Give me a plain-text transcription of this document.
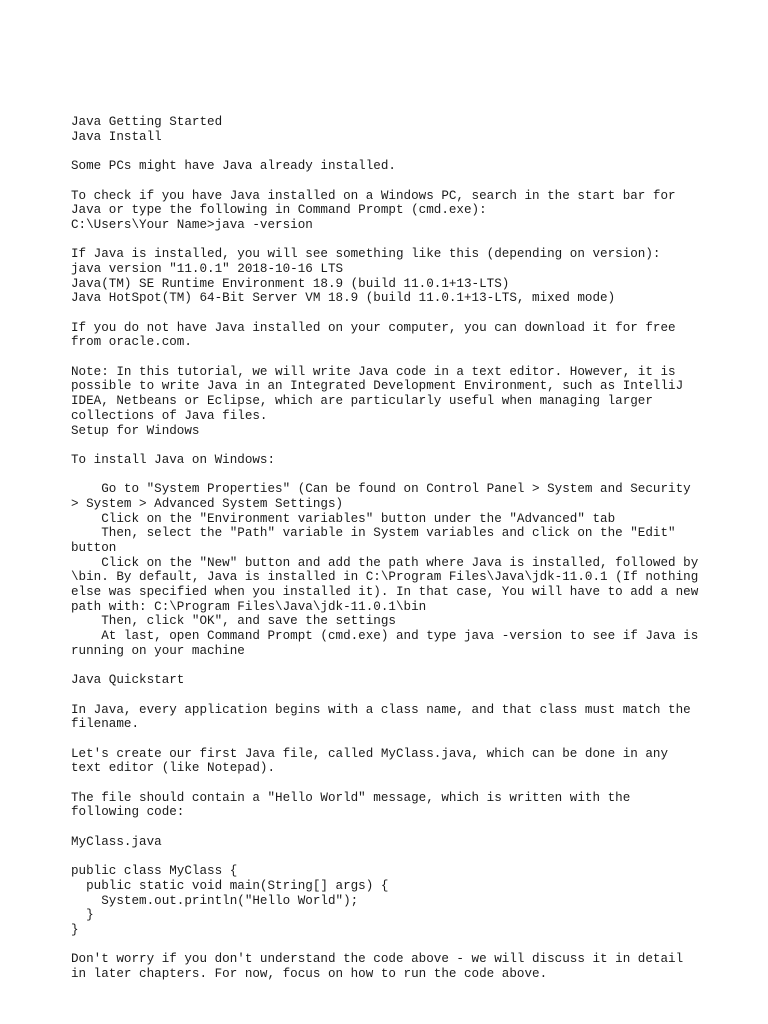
Java Getting Started
Java Install
Some PCs might have Java already installed.
To check if you have Java installed on a Windows PC, search in the start bar for
Java or type the following in Command Prompt (cmd.exe):
C:\Users\Your Name>java -version
If Java is installed, you will see something like this (depending on version):
java version "11.0.1" 2018-10-16 LTS
Java(TM) SE Runtime Environment 18.9 (build 11.0.1+13-LTS)
Java HotSpot(TM) 64-Bit Server VM 18.9 (build 11.0.1+13-LTS, mixed mode)
If you do not have Java installed on your computer, you can download it for free
from oracle.com.
Note: In this tutorial, we will write Java code in a text editor. However, it is
possible to write Java in an Integrated Development Environment, such as IntelliJ
IDEA, Netbeans or Eclipse, which are particularly useful when managing larger
collections of Java files.
Setup for Windows
To install Java on Windows:
Go to "System Properties" (Can be found on Control Panel > System and Security
> System > Advanced System Settings)
Click on the "Environment variables" button under the "Advanced" tab
Then, select the "Path" variable in System variables and click on the "Edit"
button
Click on the "New" button and add the path where Java is installed, followed by
\bin. By default, Java is installed in C:\Program Files\Java\jdk-11.0.1 (If nothing
else was specified when you installed it). In that case, You will have to add a new
path with: C:\Program Files\Java\jdk-11.0.1\bin
Then, click "OK", and save the settings
At last, open Command Prompt (cmd.exe) and type java -version to see if Java is
running on your machine
Java Quickstart
In Java, every application begins with a class name, and that class must match the
filename.
Let's create our first Java file, called MyClass.java, which can be done in any
text editor (like Notepad).
The file should contain a "Hello World" message, which is written with the
following code:
MyClass.java
public class MyClass {
public static void main(String[] args) {
System.out.println("Hello World");
}
}
Don't worry if you don't understand the code above - we will discuss it in detail
in later chapters. For now, focus on how to run the code above.
